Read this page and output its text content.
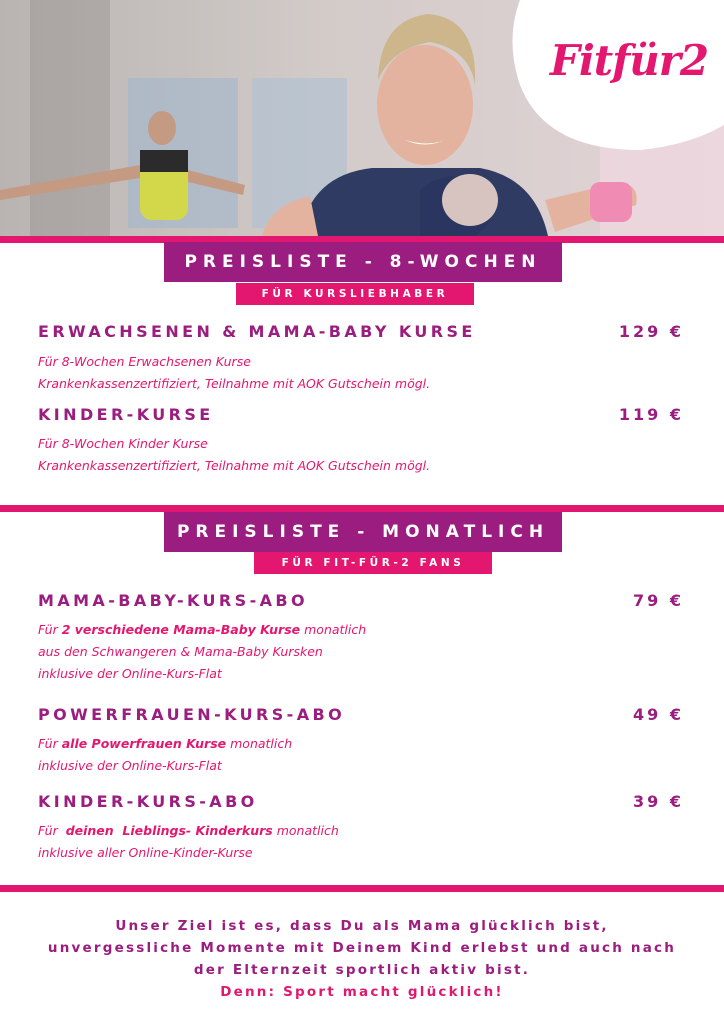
Fitfür2
PREISLISTE - 8-WOCHEN
FÜR KURSLIEBHABER
ERWACHSENEN & MAMA-BABY KURSE	129 €
Für 8-Wochen Erwachsenen Kurse
Krankenkassenzertifiziert, Teilnahme mit AOK Gutschein mögl.
KINDER-KURSE	119 €
Für 8-Wochen Kinder Kurse
Krankenkassenzertifiziert, Teilnahme mit AOK Gutschein mögl.
PREISLISTE - MONATLICH
FÜR FIT-FÜR-2 FANS
MAMA-BABY-KURS-ABO	79 €
Für 2 verschiedene Mama-Baby Kurse monatlich
aus den Schwangeren & Mama-Baby Kursken
inklusive der Online-Kurs-Flat
POWERFRAUEN-KURS-ABO	49 €
Für alle Powerfrauen Kurse monatlich
inklusive der Online-Kurs-Flat
KINDER-KURS-ABO	39 €
Für  deinen  Lieblings- Kinderkurs monatlich
inklusive aller Online-Kinder-Kurse
Unser Ziel ist es, dass Du als Mama glücklich bist,
unvergessliche Momente mit Deinem Kind erlebst und auch nach
der Elternzeit sportlich aktiv bist.
Denn: Sport macht glücklich!
